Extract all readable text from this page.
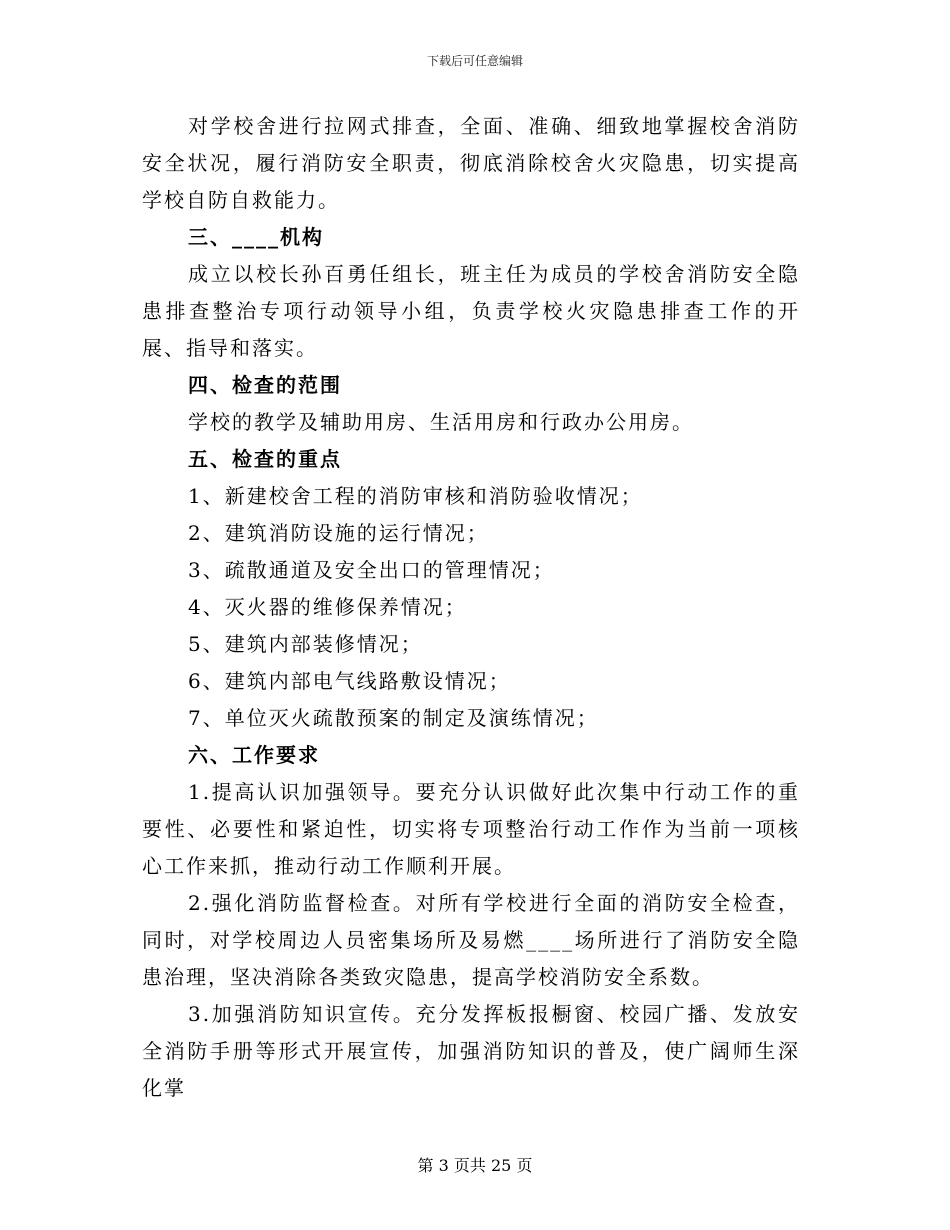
下载后可任意编辑

对学校舍进行拉网式排查，全面、准确、细致地掌握校舍消防安全状况，履行消防安全职责，彻底消除校舍火灾隐患，切实提高学校自防自救能力。

三、____机构

成立以校长孙百勇任组长，班主任为成员的学校舍消防安全隐患排查整治专项行动领导小组，负责学校火灾隐患排查工作的开展、指导和落实。

四、检查的范围

学校的教学及辅助用房、生活用房和行政办公用房。

五、检查的重点

1、新建校舍工程的消防审核和消防验收情况；

2、建筑消防设施的运行情况；

3、疏散通道及安全出口的管理情况；

4、灭火器的维修保养情况；

5、建筑内部装修情况；

6、建筑内部电气线路敷设情况；

7、单位灭火疏散预案的制定及演练情况；

六、工作要求

1.提高认识加强领导。要充分认识做好此次集中行动工作的重要性、必要性和紧迫性，切实将专项整治行动工作作为当前一项核心工作来抓，推动行动工作顺利开展。

2.强化消防监督检查。对所有学校进行全面的消防安全检查，同时，对学校周边人员密集场所及易燃____场所进行了消防安全隐患治理，坚决消除各类致灾隐患，提高学校消防安全系数。

3.加强消防知识宣传。充分发挥板报橱窗、校园广播、发放安全消防手册等形式开展宣传，加强消防知识的普及，使广阔师生深化掌

第 3 页共 25 页
